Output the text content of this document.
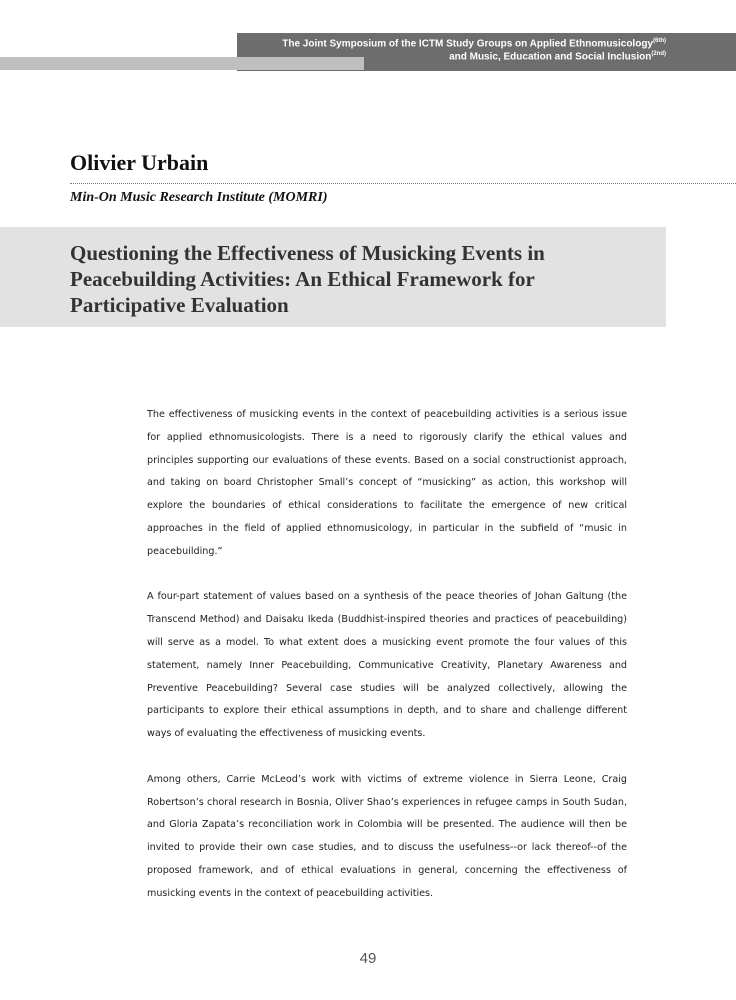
The Joint Symposium of the ICTM Study Groups on Applied Ethnomusicology$^{(6th)}$
and Music, Education and Social Inclusion$^{(2nd)}$
Olivier Urbain
Min-On Music Research Institute (MOMRI)
Questioning the Effectiveness of Musicking Events in Peacebuilding Activities: An Ethical Framework for Participative Evaluation

The effectiveness of musicking events in the context of peacebuilding activities is a serious issue for applied ethnomusicologists. There is a need to rigorously clarify the ethical values and principles supporting our evaluations of these events. Based on a social constructionist approach, and taking on board Christopher Small’s concept of “musicking” as action, this workshop will explore the boundaries of ethical considerations to facilitate the emergence of new critical approaches in the field of applied ethnomusicology, in particular in the subfield of “music in peacebuilding.”

A four-part statement of values based on a synthesis of the peace theories of Johan Galtung (the Transcend Method) and Daisaku Ikeda (Buddhist-inspired theories and practices of peacebuilding) will serve as a model. To what extent does a musicking event promote the four values of this statement, namely Inner Peacebuilding, Communicative Creativity, Planetary Awareness and Preventive Peacebuilding? Several case studies will be analyzed collectively, allowing the participants to explore their ethical assumptions in depth, and to share and challenge different ways of evaluating the effectiveness of musicking events.

Among others, Carrie McLeod’s work with victims of extreme violence in Sierra Leone, Craig Robertson’s choral research in Bosnia, Oliver Shao’s experiences in refugee camps in South Sudan, and Gloria Zapata’s reconciliation work in Colombia will be presented. The audience will then be invited to provide their own case studies, and to discuss the usefulness--or lack thereof--of the proposed framework, and of ethical evaluations in general, concerning the effectiveness of musicking events in the context of peacebuilding activities.

49
